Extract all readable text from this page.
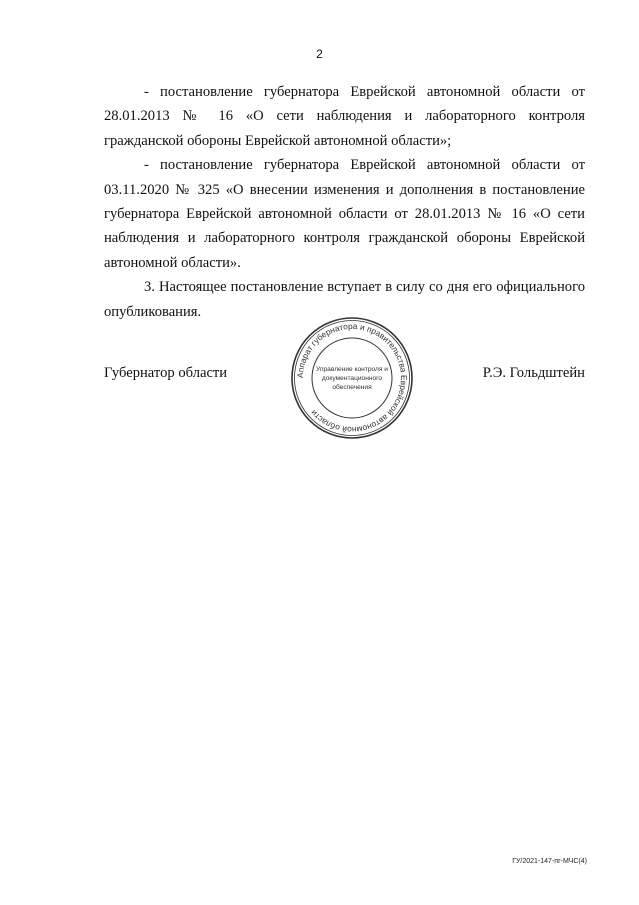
2

- постановление губернатора Еврейской автономной области от 28.01.2013 № 16 «О сети наблюдения и лабораторного контроля гражданской обороны Еврейской автономной области»;

- постановление губернатора Еврейской автономной области от 03.11.2020 № 325 «О внесении изменения и дополнения в постановление губернатора Еврейской автономной области от 28.01.2013 № 16 «О сети наблюдения и лабораторного контроля гражданской обороны Еврейской автономной области».

3. Настоящее постановление вступает в силу со дня его официального опубликования.

Губернатор области	Р.Э. Гольдштейн
Аппарат губернатора и правительства Еврейской автономной области
Управление контроля и
документационного
обеспечения
ГУ/2021-147-пг-МЧС(4)
